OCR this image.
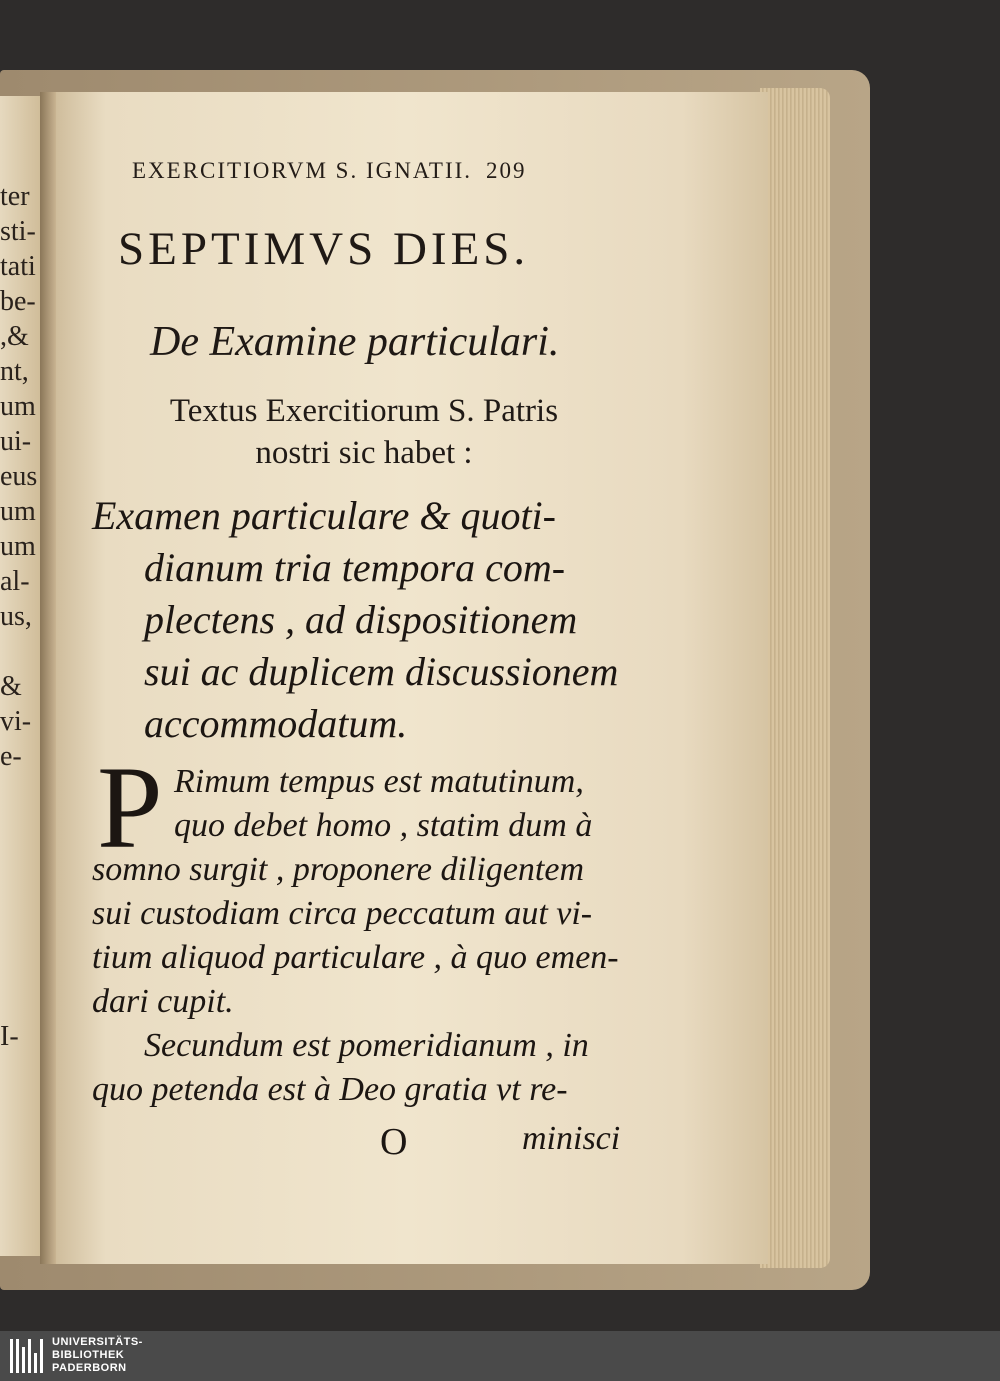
ter
sti-
tati
be-
,&
nt,
um
ui-
eus
um
um
al-
us,
&
vi-
e-
I-
EXERCITIORVM S. IGNATII. 209
SEPTIMVS DIES.
De Examine particulari.
Textus Exercitiorum S. Patris
nostri sic habet :
Examen particulare & quoti-
dianum tria tempora com-
plectens , ad dispositionem
sui ac duplicem discussionem
accommodatum.
P Rimum tempus est matutinum,
quo debet homo , statim dum à
somno surgit , proponere diligentem
sui custodiam circa peccatum aut vi-
tium aliquod particulare , à quo emen-
dari cupit.
Secundum est pomeridianum , in
quo petenda est à Deo gratia vt re-
O	minisci
UNIVERSITÄTS-
BIBLIOTHEK
PADERBORN
